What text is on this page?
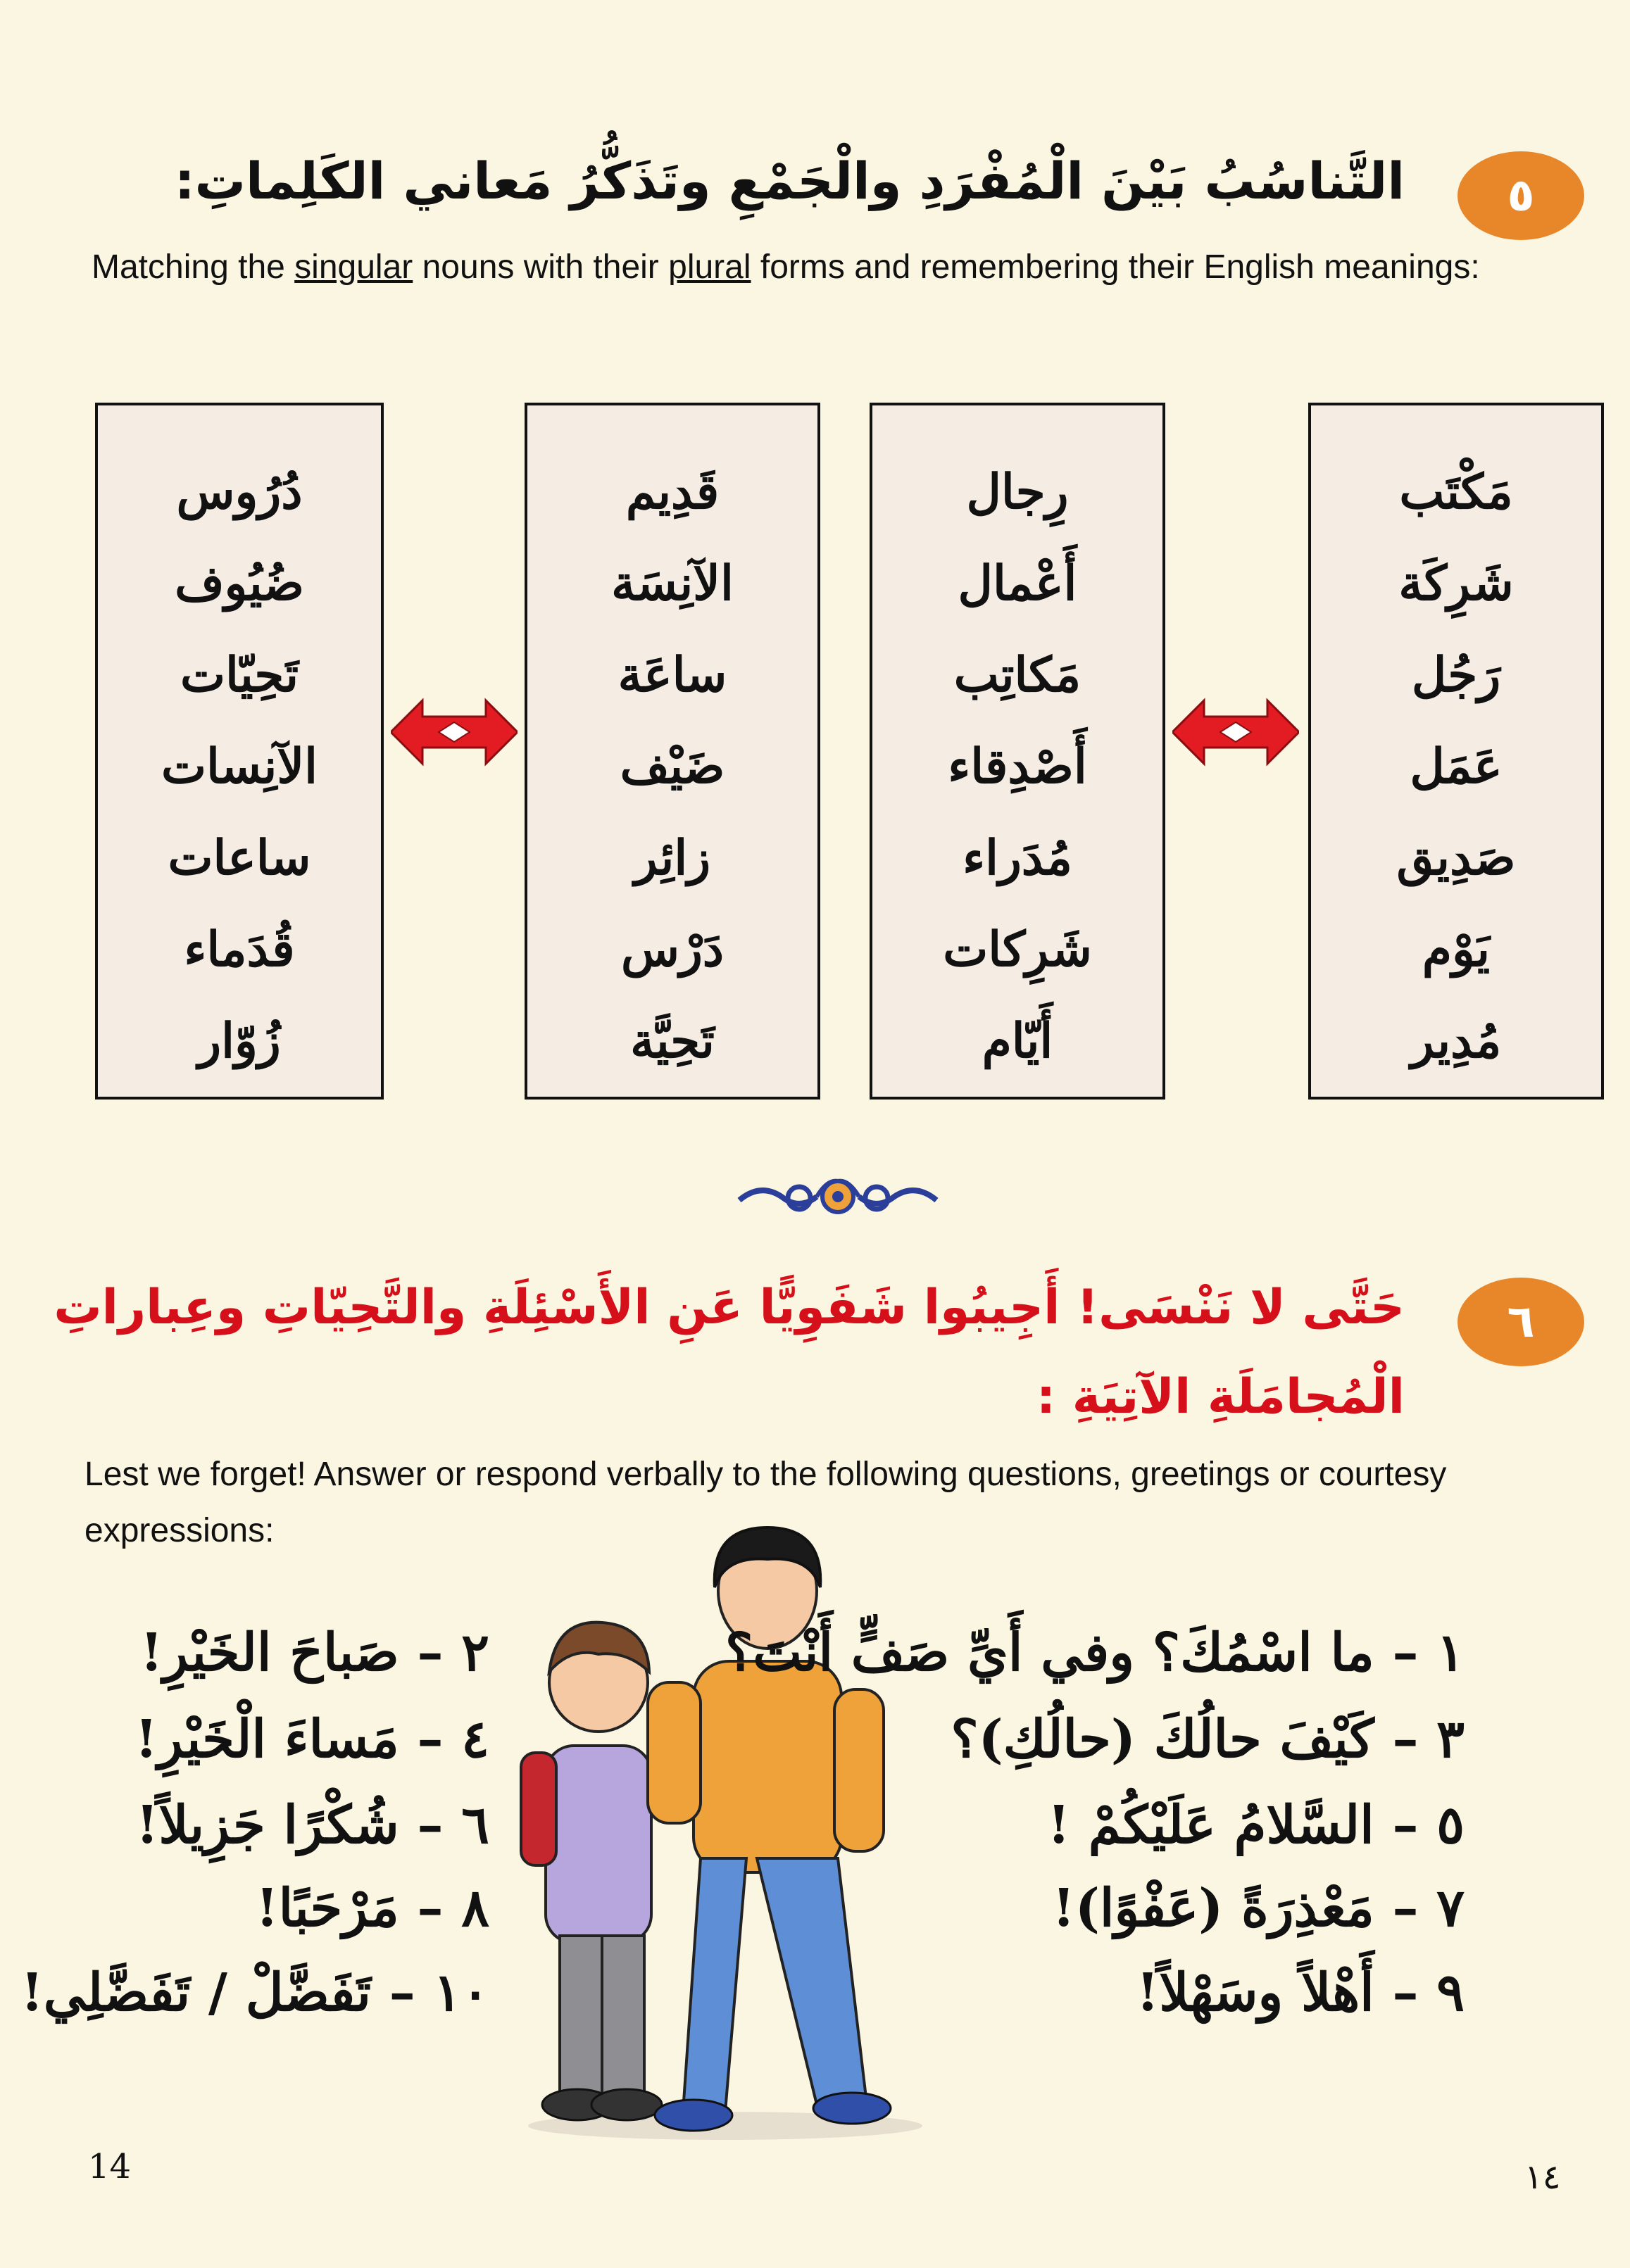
٥
التَّناسُبُ بَيْنَ الْمُفْرَدِ والْجَمْعِ وتَذَكُّرُ مَعاني الكَلِماتِ:
Matching the singular nouns with their plural forms and remembering their English meanings:
مَكْتَب
شَرِكَة
رَجُل
عَمَل
صَدِيق
يَوْم
مُدِير
رِجال
أَعْمال
مَكاتِب
أَصْدِقاء
مُدَراء
شَرِكات
أَيّام
قَدِيم
الآنِسَة
ساعَة
ضَيْف
زائِر
دَرْس
تَحِيَّة
دُرُوس
ضُيُوف
تَحِيّات
الآنِسات
ساعات
قُدَماء
زُوّار
٦
حَتَّى لا نَنْسَى! أَجِيبُوا شَفَوِيًّا عَنِ الأَسْئِلَةِ والتَّحِيّاتِ وعِباراتِ
الْمُجامَلَةِ الآتِيَةِ :
Lest we forget! Answer or respond verbally to the following questions, greetings or courtesy expressions:
١ – ما اسْمُكَ؟ وفي أَيِّ صَفٍّ أَنْتَ؟
٣ – كَيْفَ حالُكَ (حالُكِ)؟
٥ – السَّلامُ عَلَيْكُمْ !
٧ – مَعْذِرَةً (عَفْوًا)!
٩ – أَهْلاً وسَهْلاً!
٢ – صَباحَ الخَيْرِ!
٤ – مَساءَ الْخَيْرِ!
٦ – شُكْرًا جَزِيلاً!
٨ – مَرْحَبًا!
١٠ – تَفَضَّلْ / تَفَضَّلِي!
14	١٤
